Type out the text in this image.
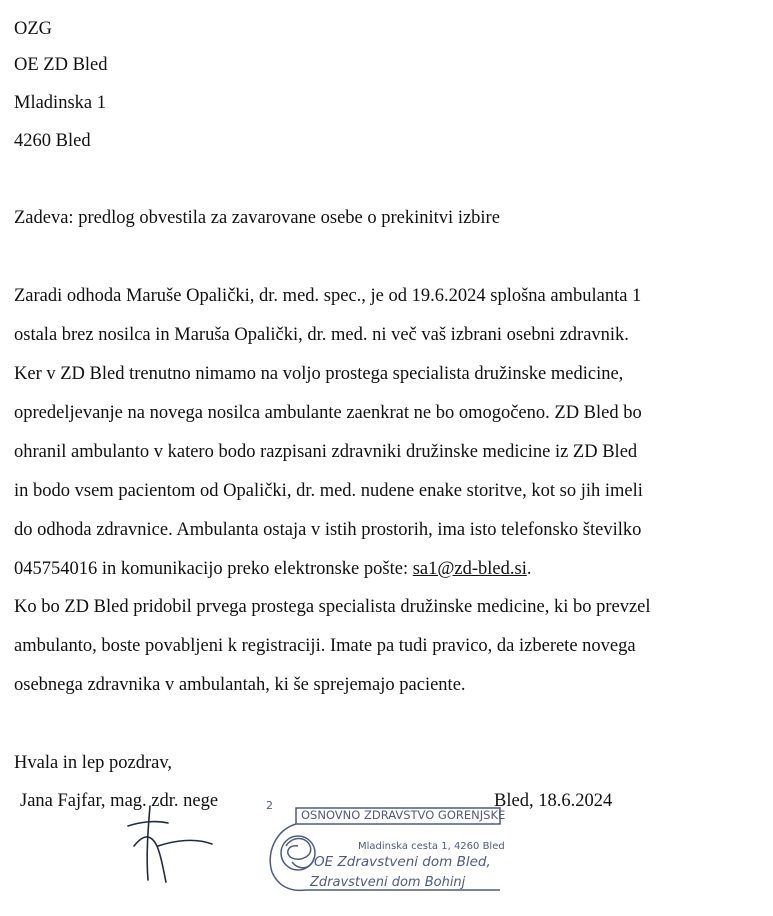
OZG
OE ZD Bled
Mladinska 1
4260 Bled
Zadeva: predlog obvestila za zavarovane osebe o prekinitvi izbire
Zaradi odhoda Maruše Opalički, dr. med. spec., je od 19.6.2024 splošna ambulanta 1
ostala brez nosilca in Maruša Opalički, dr. med. ni več vaš izbrani osebni zdravnik.
Ker v ZD Bled trenutno nimamo na voljo prostega specialista družinske medicine,
opredeljevanje na novega nosilca ambulante zaenkrat ne bo omogočeno. ZD Bled bo
ohranil ambulanto v katero bodo razpisani zdravniki družinske medicine iz ZD Bled
in bodo vsem pacientom od Opalički, dr. med. nudene enake storitve, kot so jih imeli
do odhoda zdravnice. Ambulanta ostaja v istih prostorih, ima isto telefonsko številko
045754016 in komunikacijo preko elektronske pošte: sa1@zd-bled.si.
Ko bo ZD Bled pridobil prvega prostega specialista družinske medicine, ki bo prevzel
ambulanto, boste povabljeni k registraciji. Imate pa tudi pravico, da izberete novega
osebnega zdravnika v ambulantah, ki še sprejemajo paciente.
Hvala in lep pozdrav,
Jana Fajfar, mag. zdr. nege	Bled, 18.6.2024
2
OSNOVNO ZDRAVSTVO GORENJSKE
Mladinska cesta 1, 4260 Bled
OE Zdravstveni dom Bled,
Zdravstveni dom Bohinj
